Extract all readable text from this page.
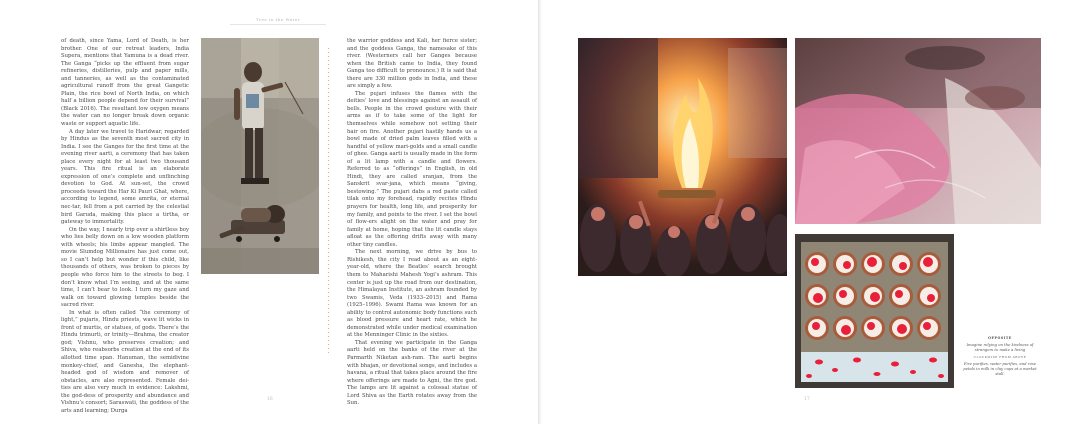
Tree in the Water

of death, since Yama, Lord of Death, is her brother. One of our retreat leaders, India Supera, mentions that Yamuna is a dead river. The Ganga “picks up the effluent from sugar refineries, distilleries, pulp and paper mills, and tanneries, as well as the contaminated agricultural runoff from the great Gangetic Plain, the rice bowl of North India, on which half a billion people depend for their survival” (Black 2016). The resultant low oxygen means the water can no longer break down organic waste or support aquatic life.

A day later we travel to Haridwar, regarded by Hindus as the seventh most sacred city in India. I see the Ganges for the first time at the evening river aarti, a ceremony that has taken place every night for at least two thousand years. This fire ritual is an elaborate expression of one’s complete and unflinching devotion to God. At sun-set, the crowd proceeds toward the Har Ki Pauri Ghat, where, according to legend, some amrita, or eternal nec-tar, fell from a pot carried by the celestial bird Garuda, making this place a tirtha, or gateway to immortality.

On the way, I nearly trip over a shirtless boy who lies belly down on a low wooden platform with wheels; his limbs appear mangled. The movie Slumdog Millionaire has just come out, so I can’t help but wonder if this child, like thousands of others, was broken to pieces by people who force him to the streets to beg. I don’t know what I’m seeing, and at the same time, I can’t bear to look. I turn my gaze and walk on toward glowing temples beside the sacred river.

In what is often called “the ceremony of light,” pujaris, Hindu priests, wave lit wicks in front of murtis, or statues, of gods. There’s the Hindu trimurti, or trinity—Brahma, the creator god; Vishnu, who preserves creation; and Shiva, who reabsorbs creation at the end of its allotted time span. Hanuman, the semidivine monkey-chief, and Ganesha, the elephant-headed god of wisdom and remover of obstacles, are also represented. Female dei-ties are also very much in evidence: Lakshmi, the god-dess of prosperity and abundance and Vishnu’s consort; Saraswati, the goddess of the arts and learning; Durga

the warrior goddess and Kali, her fierce sister; and the goddess Ganga, the namesake of this river. (Westerners call her Ganges because when the British came to India, they found Ganga too difficult to pronounce.) It is said that there are 330 million gods in India, and these are simply a few.

The pujari infuses the flames with the deities’ love and blessings against an assault of bells. People in the crowd gesture with their arms as if to take some of the light for themselves while somehow not setting their hair on fire. Another pujari hastily hands us a bowl made of dried palm leaves filled with a handful of yellow mari-golds and a small candle of ghee. Ganga aarti is usually made in the form of a lit lamp with a candle and flowers. Referred to as “offerings” in English, in old Hindi, they are called sranjan, from the Sanskrit svar-jana, which means “giving, bestowing.” The pujari dabs a red paste called tilak onto my forehead, rapidly recites Hindu prayers for health, long life, and prosperity for my family, and points to the river. I set the bowl of flow-ers alight on the water and pray for family at home, hoping that the lit candle stays afloat as the offering drifts away with many other tiny candles.

The next morning, we drive by bus to Rishikesh, the city I read about as an eight-year-old, where the Beatles’ search brought them to Maharishi Mahesh Yogi’s ashram. This center is just up the road from our destination, the Himalayan Institute, an ashram founded by two Swamis, Veda (1933–2015) and Rama (1925–1996). Swami Rama was known for an ability to control autonomic body functions such as blood pressure and heart rate, which he demonstrated while under medical examination at the Menninger Clinic in the sixties.

That evening we participate in the Ganga aarti held on the banks of the river at the Parmarth Niketan ash-ram. The aarti begins with bhajan, or devotional songs, and includes a havana, a ritual that takes place around the fire where offerings are made to Agni, the fire god. The lamps are lit against a colossal statue of Lord Shiva as the Earth rotates away from the Sun.

16
OPPOSITE
Imagine relying on the kindness of strangers to make a living
CLOCKWISE FROM ABOVE
Fire purifies, water purifies, and rose petals in milk in clay cups at a market stall.
17
